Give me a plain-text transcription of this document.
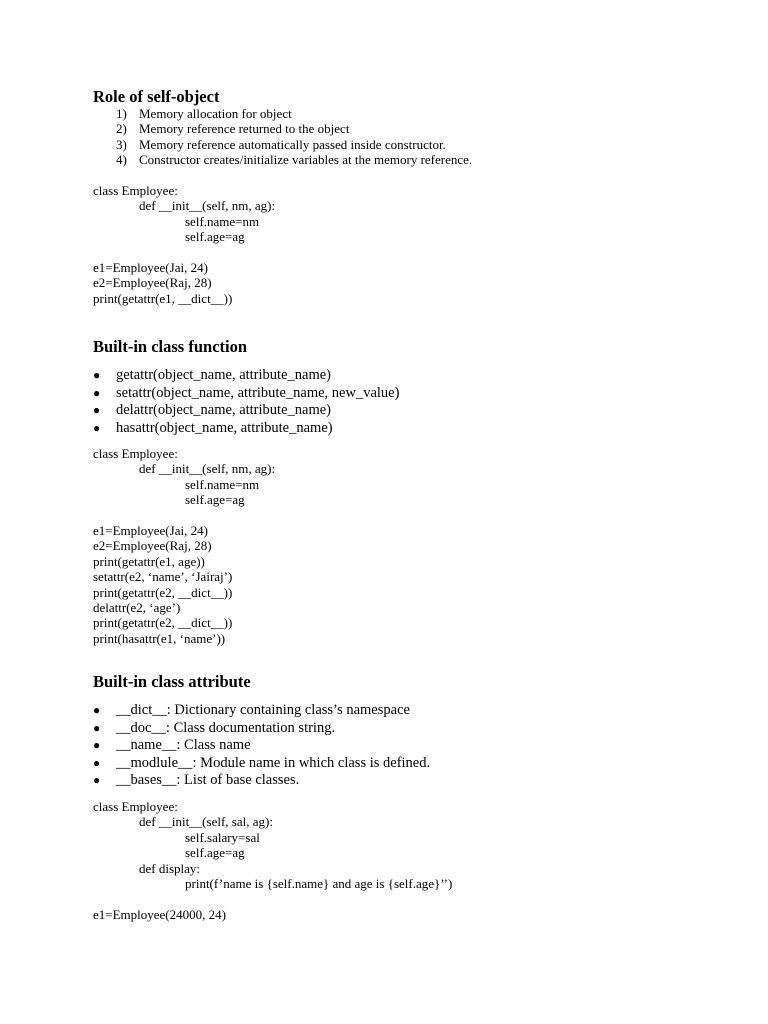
Role of self-object
1) Memory allocation for object
2) Memory reference returned to the object
3) Memory reference automatically passed inside constructor.
4) Constructor creates/initialize variables at the memory reference.
class Employee:
def __init__(self, nm, ag):
self.name=nm
self.age=ag
e1=Employee(Jai, 24)
e2=Employee(Raj, 28)
print(getattr(e1, __dict__))
Built-in class function
● getattr(object_name, attribute_name)
● setattr(object_name, attribute_name, new_value)
● delattr(object_name, attribute_name)
● hasattr(object_name, attribute_name)
class Employee:
def __init__(self, nm, ag):
self.name=nm
self.age=ag
e1=Employee(Jai, 24)
e2=Employee(Raj, 28)
print(getattr(e1, age))
setattr(e2, ‘name’, ‘Jairaj’)
print(getattr(e2, __dict__))
delattr(e2, ‘age’)
print(getattr(e2, __dict__))
print(hasattr(e1, ‘name’))
Built-in class attribute
● __dict__: Dictionary containing class’s namespace
● __doc__: Class documentation string.
● __name__: Class name
● __modlule__: Module name in which class is defined.
● __bases__: List of base classes.
class Employee:
def __init__(self, sal, ag):
self.salary=sal
self.age=ag
def display:
print(f’name is {self.name} and age is {self.age}’’)
e1=Employee(24000, 24)
